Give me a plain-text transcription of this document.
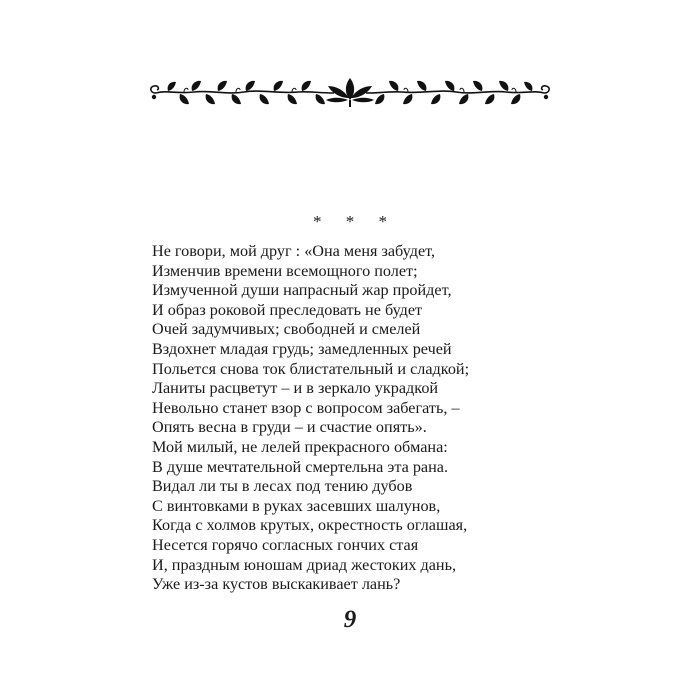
* * *
Не говори, мой друг : «Она меня забудет,
Изменчив времени всемощного полет;
Измученной души напрасный жар пройдет,
И образ роковой преследовать не будет
Очей задумчивых; свободней и смелей
Вздохнет младая грудь; замедленных речей
Польется снова ток блистательный и сладкой;
Ланиты расцветут – и в зеркало украдкой
Невольно станет взор с вопросом забегать, –
Опять весна в груди – и счастие опять».
Мой милый, не лелей прекрасного обмана:
В душе мечтательной смертельна эта рана.
Видал ли ты в лесах под тению дубов
С винтовками в руках засевших шалунов,
Когда с холмов крутых, окрестность оглашая,
Несется горячо согласных гончих стая
И, праздным юношам дриад жестоких дань,
Уже из-за кустов выскакивает лань?
9
